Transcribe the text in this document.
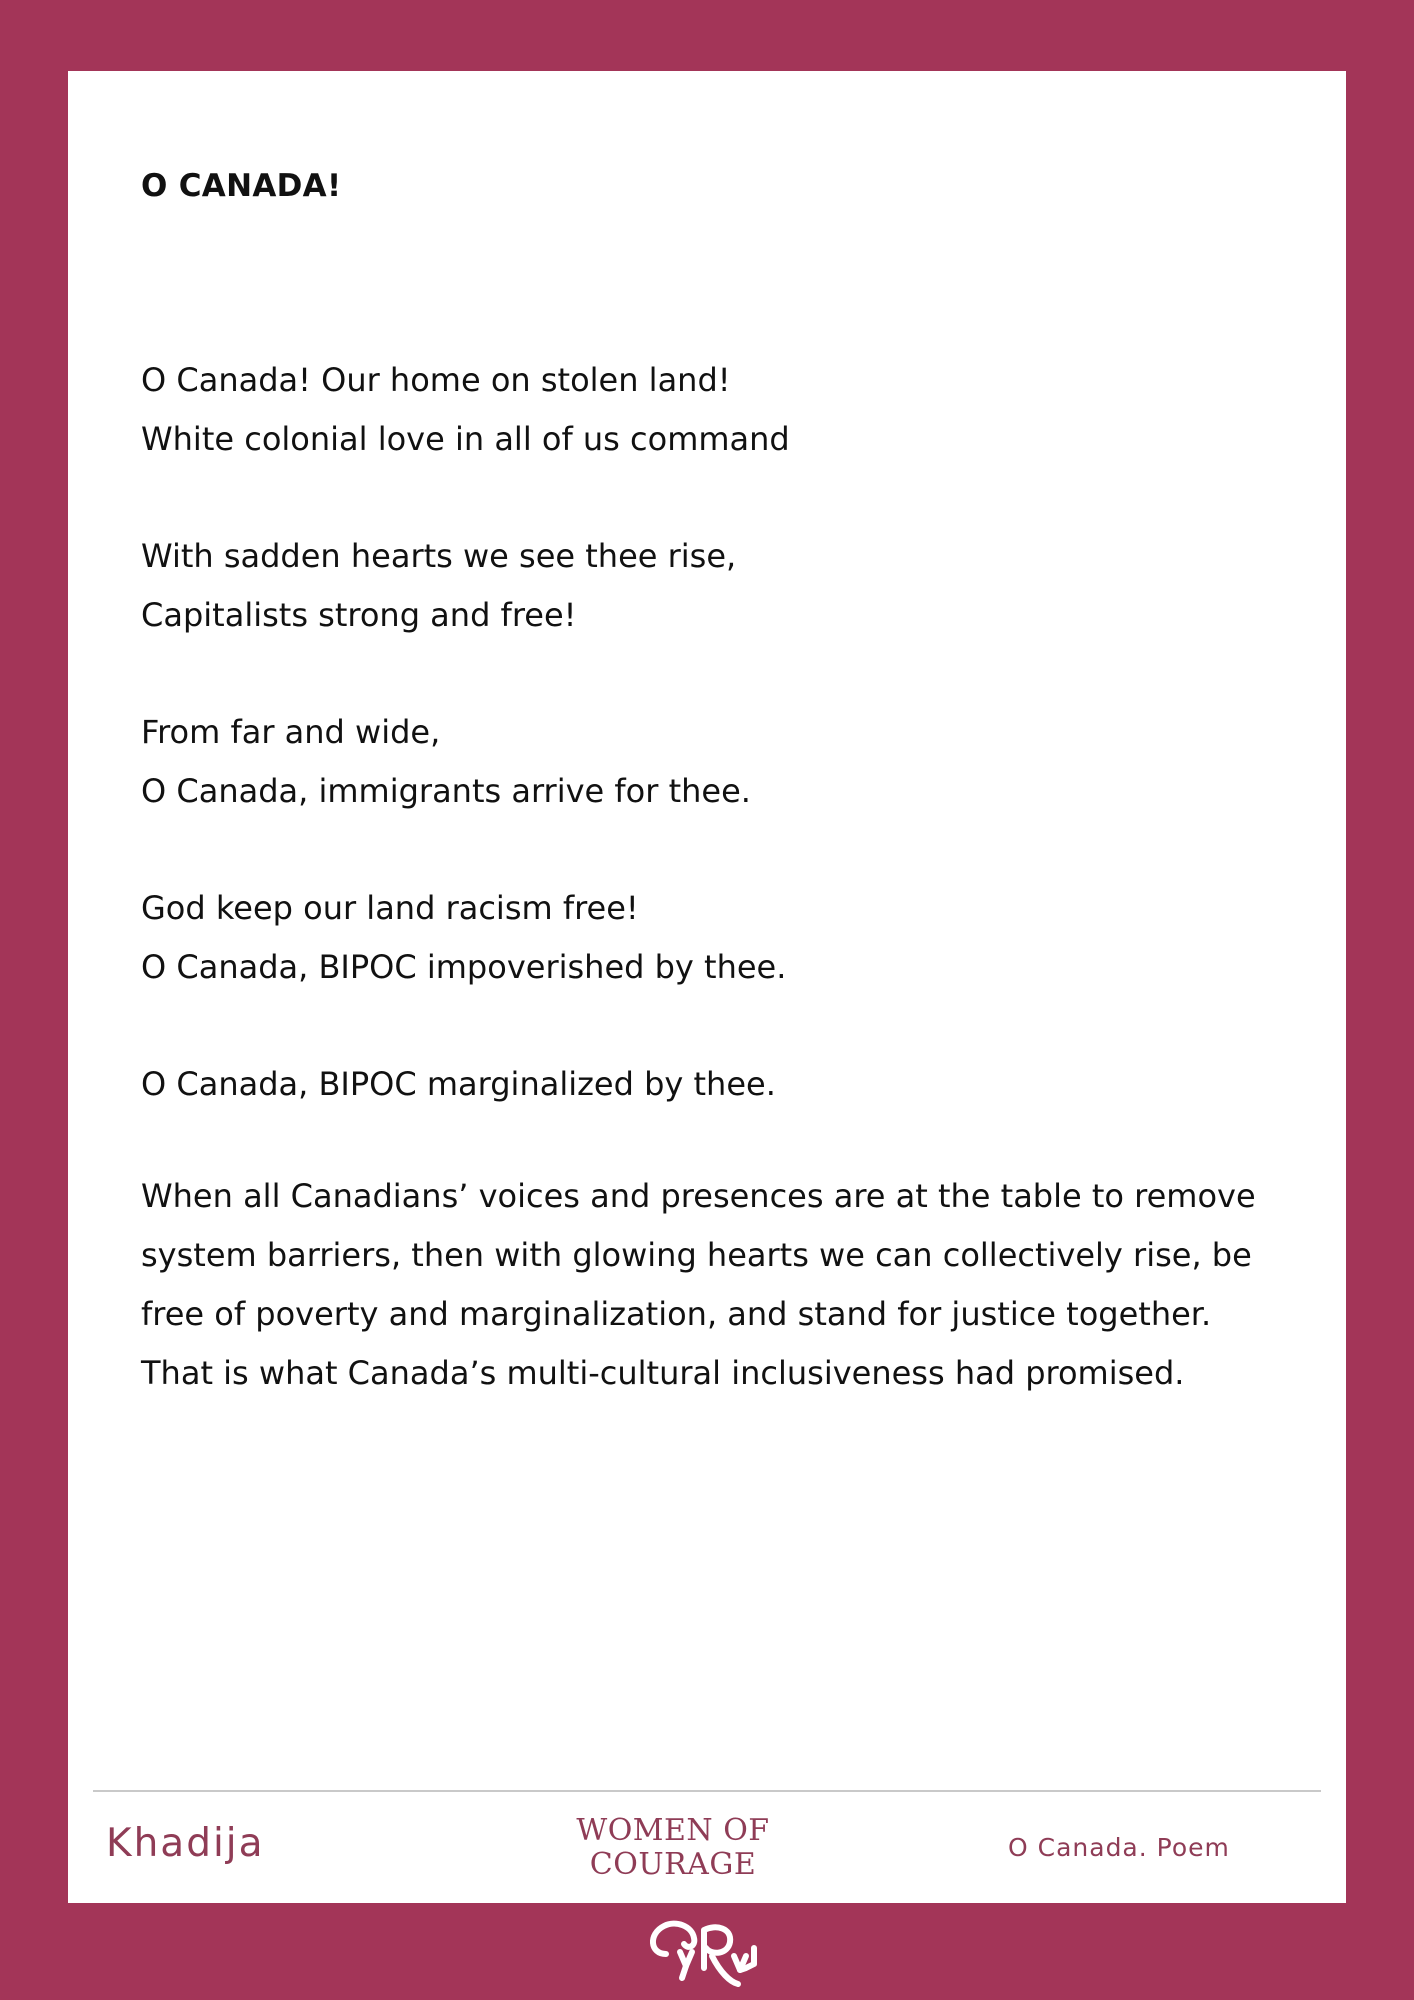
O CANADA!

O Canada! Our home on stolen land!
White colonial love in all of us command

With sadden hearts we see thee rise,
Capitalists strong and free!

From far and wide,
O Canada, immigrants arrive for thee.

God keep our land racism free!
O Canada, BIPOC impoverished by thee.

O Canada, BIPOC marginalized by thee.

When all Canadians’ voices and presences are at the table to remove system barriers, then with glowing hearts we can collectively rise, be free of poverty and marginalization, and stand for justice together. That is what Canada’s multi-cultural inclusiveness had promised.

Khadija	WOMEN OF
COURAGE	O Canada. Poem
